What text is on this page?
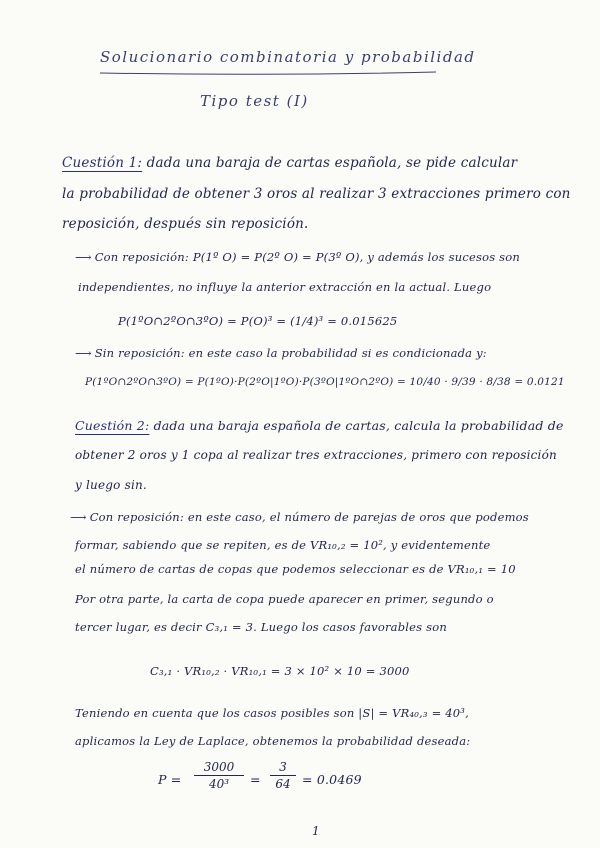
Solucionario combinatoria y probabilidad
Tipo test (I)
Cuestión 1: dada una baraja de cartas española, se pide calcular
la probabilidad de obtener 3 oros al realizar 3 extracciones primero con
reposición, después sin reposición.
⟶ Con reposición: P(1º O) = P(2º O) = P(3º O), y además los sucesos son
independientes, no influye la anterior extracción en la actual. Luego
P(1ºO∩2ºO∩3ºO) = P(O)³ = (1/4)³ = 0.015625
⟶ Sin reposición: en este caso la probabilidad si es condicionada y:
P(1ºO∩2ºO∩3ºO) = P(1ºO)·P(2ºO|1ºO)·P(3ºO|1ºO∩2ºO) = 10/40 · 9/39 · 8/38 = 0.0121
Cuestión 2: dada una baraja española de cartas, calcula la probabilidad de
obtener 2 oros y 1 copa al realizar tres extracciones, primero con reposición
y luego sin.
⟶ Con reposición: en este caso, el número de parejas de oros que podemos
formar, sabiendo que se repiten, es de VR₁₀,₂ = 10², y evidentemente
el número de cartas de copas que podemos seleccionar es de VR₁₀,₁ = 10
Por otra parte, la carta de copa puede aparecer en primer, segundo o
tercer lugar, es decir C₃,₁ = 3. Luego los casos favorables son
C₃,₁ · VR₁₀,₂ · VR₁₀,₁ = 3 × 10² × 10 = 3000
Teniendo en cuenta que los casos posibles son |S| = VR₄₀,₃ = 40³,
aplicamos la Ley de Laplace, obtenemos la probabilidad deseada:
P =
3000
40³	=
3
64 = 0.0469
1
